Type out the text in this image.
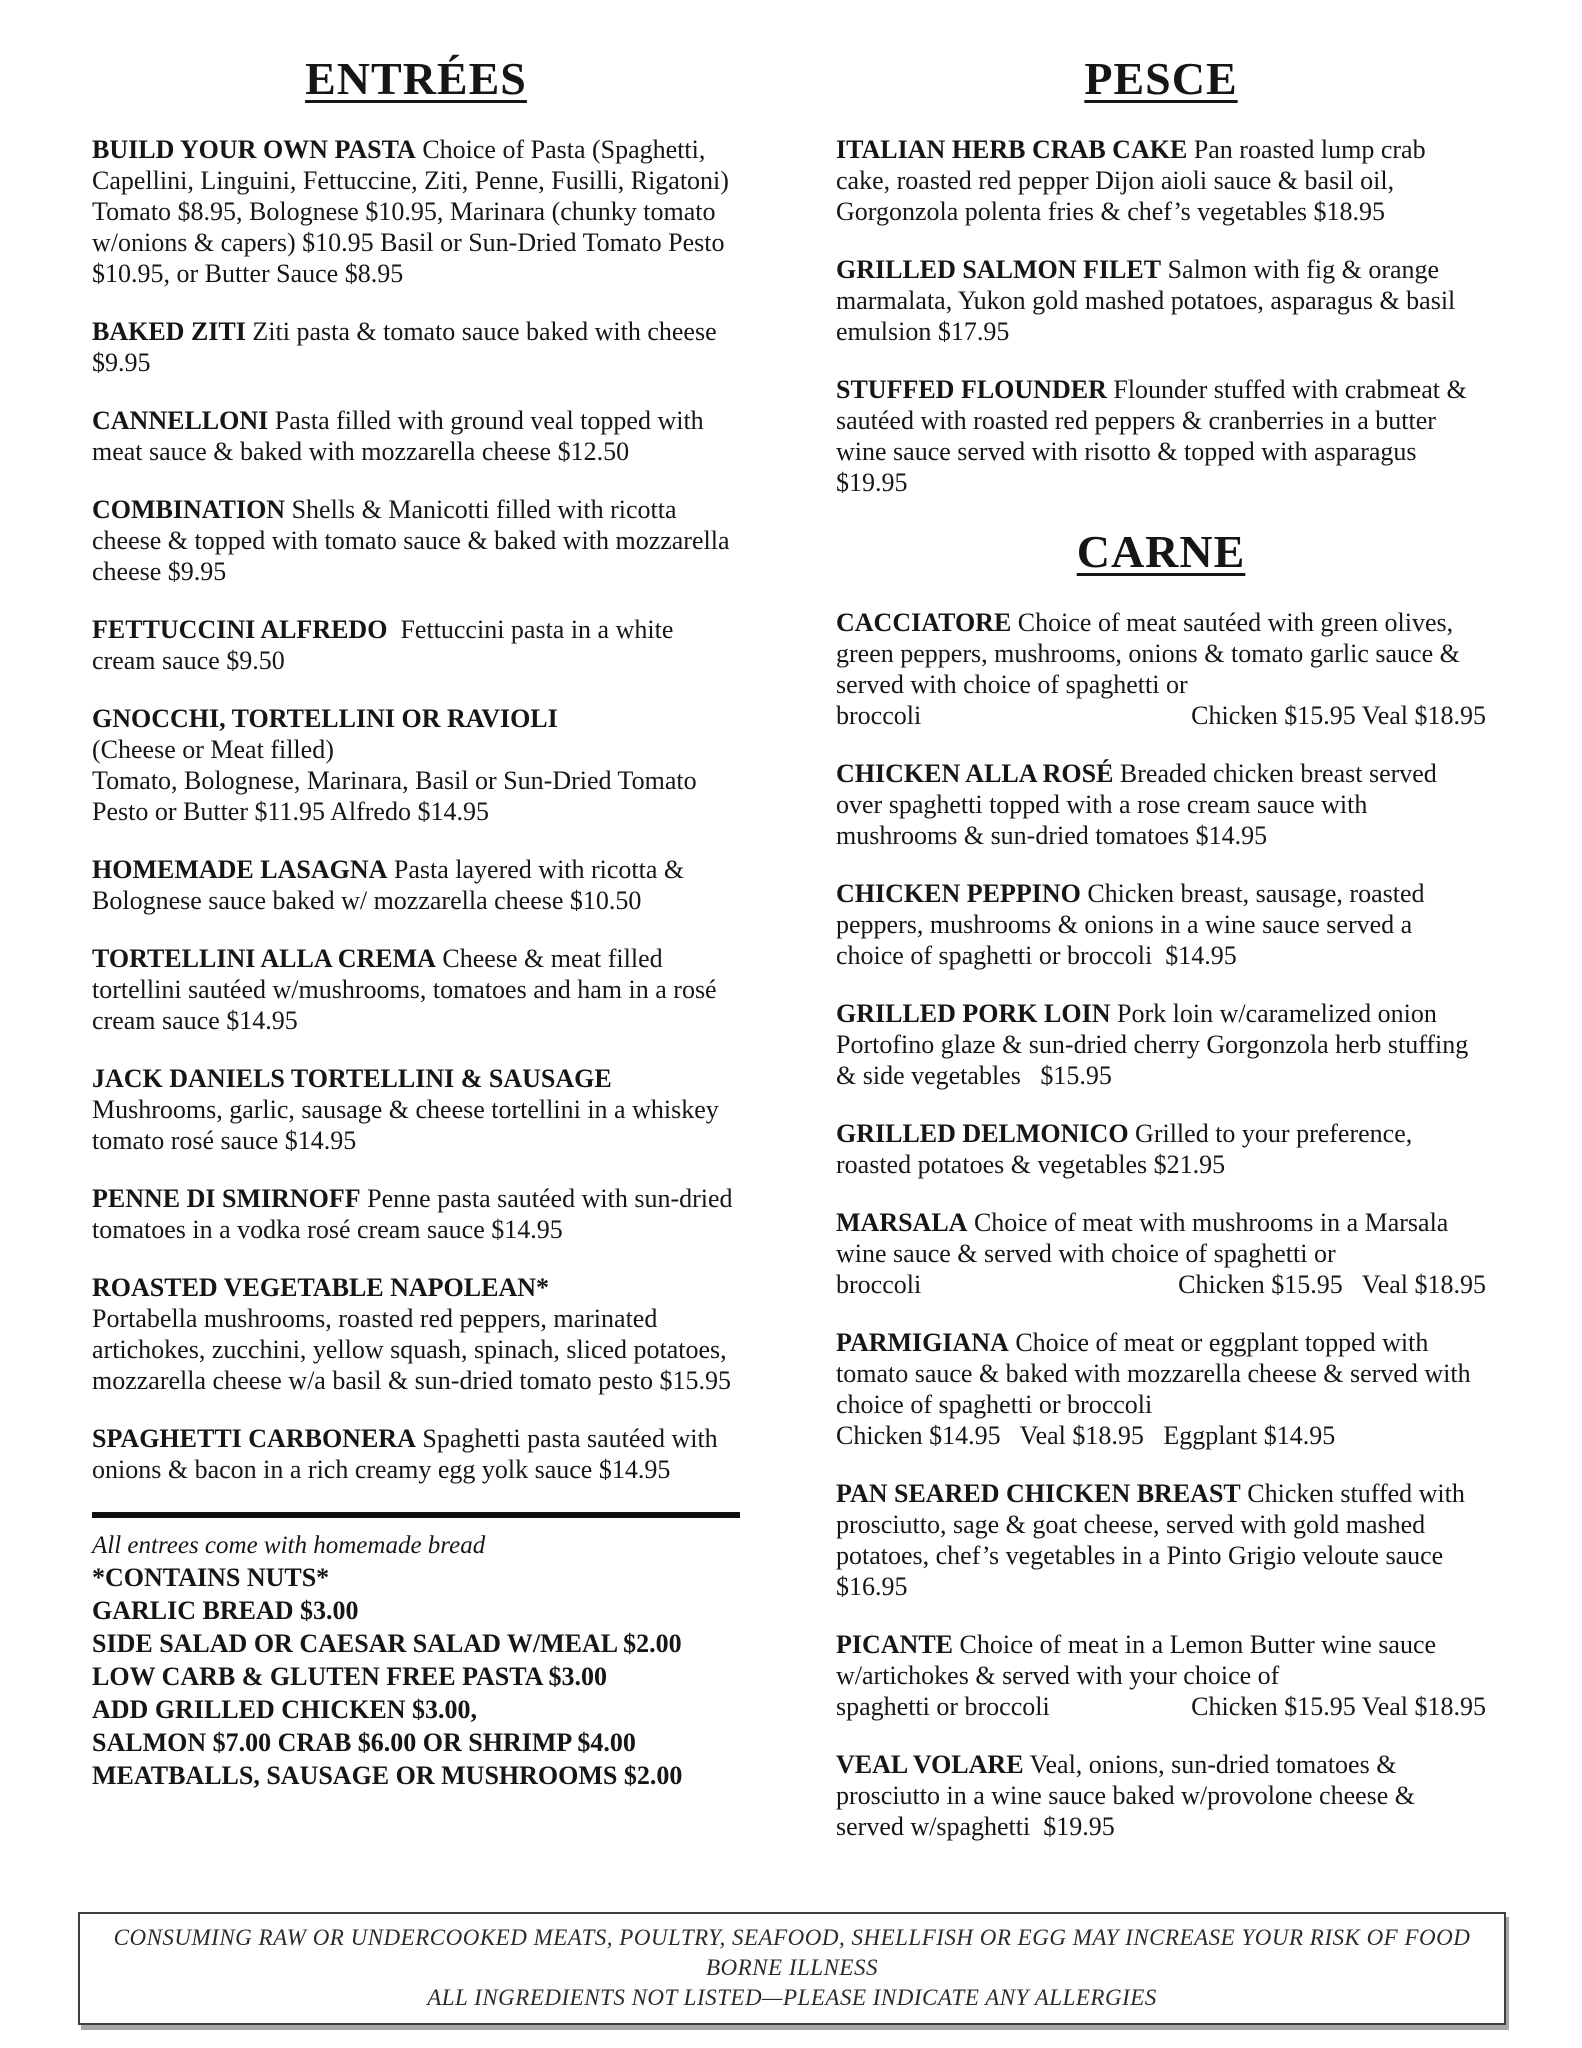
ENTRÉES

BUILD YOUR OWN PASTA Choice of Pasta (Spaghetti, Capellini, Linguini, Fettuccine, Ziti, Penne, Fusilli, Rigatoni) Tomato $8.95, Bolognese $10.95, Marinara (chunky tomato w/onions & capers) $10.95 Basil or Sun-Dried Tomato Pesto $10.95, or Butter Sauce $8.95

BAKED ZITI Ziti pasta & tomato sauce baked with cheese $9.95

CANNELLONI Pasta filled with ground veal topped with meat sauce & baked with mozzarella cheese $12.50

COMBINATION Shells & Manicotti filled with ricotta cheese & topped with tomato sauce & baked with mozzarella cheese $9.95

FETTUCCINI ALFREDO  Fettuccini pasta in a white cream sauce $9.50

GNOCCHI, TORTELLINI OR RAVIOLI
(Cheese or Meat filled)
Tomato, Bolognese, Marinara, Basil or Sun-Dried Tomato Pesto or Butter $11.95 Alfredo $14.95

HOMEMADE LASAGNA Pasta layered with ricotta & Bolognese sauce baked w/ mozzarella cheese $10.50

TORTELLINI ALLA CREMA Cheese & meat filled tortellini sautéed w/mushrooms, tomatoes and ham in a rosé cream sauce $14.95

JACK DANIELS TORTELLINI & SAUSAGE
Mushrooms, garlic, sausage & cheese tortellini in a whiskey tomato rosé sauce $14.95

PENNE DI SMIRNOFF Penne pasta sautéed with sun-dried tomatoes in a vodka rosé cream sauce $14.95

ROASTED VEGETABLE NAPOLEAN*
Portabella mushrooms, roasted red peppers, marinated artichokes, zucchini, yellow squash, spinach, sliced potatoes, mozzarella cheese w/a basil & sun-dried tomato pesto $15.95

SPAGHETTI CARBONERA Spaghetti pasta sautéed with onions & bacon in a rich creamy egg yolk sauce $14.95

All entrees come with homemade bread

*CONTAINS NUTS*

GARLIC BREAD $3.00

SIDE SALAD OR CAESAR SALAD W/MEAL $2.00

LOW CARB & GLUTEN FREE PASTA $3.00

ADD GRILLED CHICKEN $3.00,

SALMON $7.00 CRAB $6.00 OR SHRIMP $4.00

MEATBALLS, SAUSAGE OR MUSHROOMS $2.00

PESCE

ITALIAN HERB CRAB CAKE Pan roasted lump crab cake, roasted red pepper Dijon aioli sauce & basil oil, Gorgonzola polenta fries & chef’s vegetables $18.95

GRILLED SALMON FILET Salmon with fig & orange marmalata, Yukon gold mashed potatoes, asparagus & basil emulsion $17.95

STUFFED FLOUNDER Flounder stuffed with crabmeat & sautéed with roasted red peppers & cranberries in a butter wine sauce served with risotto & topped with asparagus $19.95

CARNE

CACCIATORE Choice of meat sautéed with green olives, green peppers, mushrooms, onions & tomato garlic sauce & served with choice of spaghetti or
broccoli	Chicken $15.95 Veal $18.95

CHICKEN ALLA ROSÉ Breaded chicken breast served over spaghetti topped with a rose cream sauce with mushrooms & sun-dried tomatoes $14.95

CHICKEN PEPPINO Chicken breast, sausage, roasted peppers, mushrooms & onions in a wine sauce served a choice of spaghetti or broccoli  $14.95

GRILLED PORK LOIN Pork loin w/caramelized onion Portofino glaze & sun-dried cherry Gorgonzola herb stuffing & side vegetables   $15.95

GRILLED DELMONICO Grilled to your preference, roasted potatoes & vegetables $21.95

MARSALA Choice of meat with mushrooms in a Marsala wine sauce & served with choice of spaghetti or
broccoli	Chicken $15.95   Veal $18.95

PARMIGIANA Choice of meat or eggplant topped with tomato sauce & baked with mozzarella cheese & served with choice of spaghetti or broccoli
Chicken $14.95   Veal $18.95   Eggplant $14.95

PAN SEARED CHICKEN BREAST Chicken stuffed with prosciutto, sage & goat cheese, served with gold mashed potatoes, chef’s vegetables in a Pinto Grigio veloute sauce  $16.95

PICANTE Choice of meat in a Lemon Butter wine sauce w/artichokes & served with your choice of
spaghetti or broccoli	Chicken $15.95 Veal $18.95

VEAL VOLARE Veal, onions, sun-dried tomatoes & prosciutto in a wine sauce baked w/provolone cheese & served w/spaghetti  $19.95

CONSUMING RAW OR UNDERCOOKED MEATS, POULTRY, SEAFOOD, SHELLFISH OR EGG MAY INCREASE YOUR RISK OF FOOD BORNE ILLNESS

ALL INGREDIENTS NOT LISTED—PLEASE INDICATE ANY ALLERGIES
